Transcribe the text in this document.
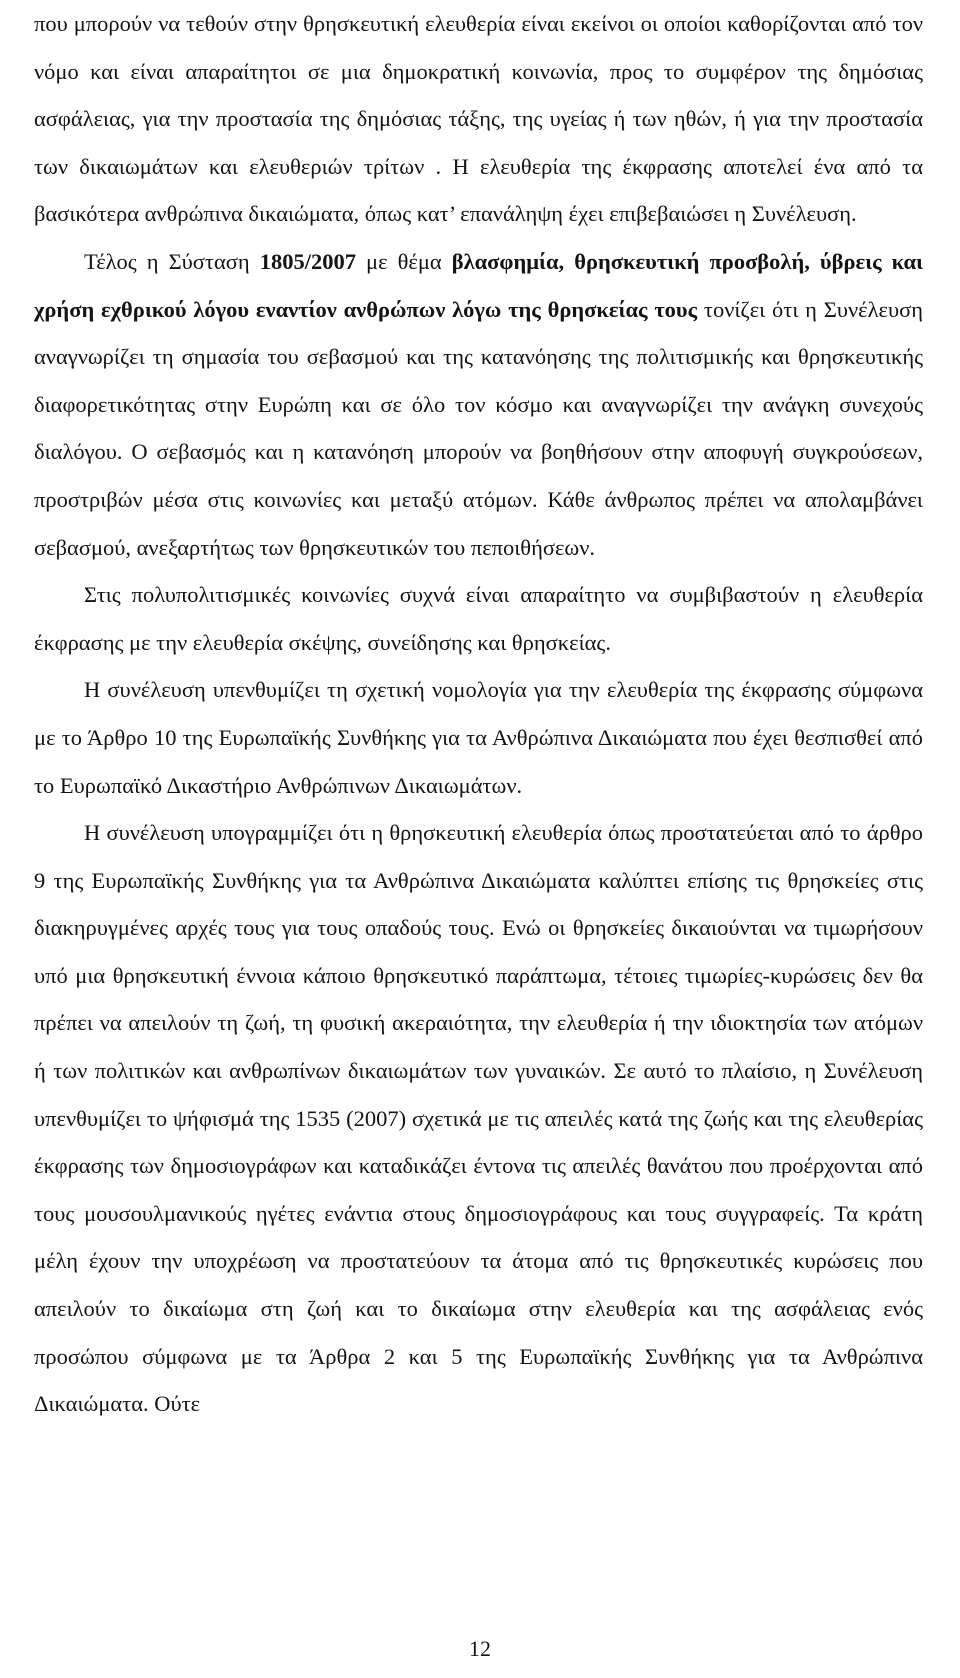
που μπορούν να τεθούν στην θρησκευτική ελευθερία είναι εκείνοι οι οποίοι καθορίζονται από τον νόμο και είναι απαραίτητοι σε μια δημοκρατική κοινωνία, προς το συμφέρον της δημόσιας ασφάλειας, για την προστασία της δημόσιας τάξης, της υγείας ή των ηθών, ή για την προστασία των δικαιωμάτων και ελευθεριών τρίτων . Η ελευθερία της έκφρασης αποτελεί ένα από τα βασικότερα ανθρώπινα δικαιώματα, όπως κατ’ επανάληψη έχει επιβεβαιώσει η Συνέλευση.

Τέλος η Σύσταση 1805/2007 με θέμα βλασφημία, θρησκευτική προσβολή, ύβρεις και χρήση εχθρικού λόγου εναντίον ανθρώπων λόγω της θρησκείας τους τονίζει ότι η Συνέλευση αναγνωρίζει τη σημασία του σεβασμού και της κατανόησης της πολιτισμικής και θρησκευτικής διαφορετικότητας στην Ευρώπη και σε όλο τον κόσμο και αναγνωρίζει την ανάγκη συνεχούς διαλόγου. Ο σεβασμός και η κατανόηση μπορούν να βοηθήσουν στην αποφυγή συγκρούσεων, προστριβών μέσα στις κοινωνίες και μεταξύ ατόμων. Κάθε άνθρωπος πρέπει να απολαμβάνει σεβασμού, ανεξαρτήτως των θρησκευτικών του πεποιθήσεων.

Στις πολυπολιτισμικές κοινωνίες συχνά είναι απαραίτητο να συμβιβαστούν η ελευθερία έκφρασης με την ελευθερία σκέψης, συνείδησης και θρησκείας.

Η συνέλευση υπενθυμίζει τη σχετική νομολογία για την ελευθερία της έκφρασης σύμφωνα με το Άρθρο 10 της Ευρωπαϊκής Συνθήκης για τα Ανθρώπινα Δικαιώματα που έχει θεσπισθεί από το Ευρωπαϊκό Δικαστήριο Ανθρώπινων Δικαιωμάτων.

Η συνέλευση υπογραμμίζει ότι η θρησκευτική ελευθερία όπως προστατεύεται από το άρθρο 9 της Ευρωπαϊκής Συνθήκης για τα Ανθρώπινα Δικαιώματα καλύπτει επίσης τις θρησκείες στις διακηρυγμένες αρχές τους για τους οπαδούς τους. Ενώ οι θρησκείες δικαιούνται να τιμωρήσουν υπό μια θρησκευτική έννοια κάποιο θρησκευτικό παράπτωμα, τέτοιες τιμωρίες-κυρώσεις δεν θα πρέπει να απειλούν τη ζωή, τη φυσική ακεραιότητα, την ελευθερία ή την ιδιοκτησία των ατόμων ή των πολιτικών και ανθρωπίνων δικαιωμάτων των γυναικών. Σε αυτό το πλαίσιο, η Συνέλευση υπενθυμίζει το ψήφισμά της 1535 (2007) σχετικά με τις απειλές κατά της ζωής και της ελευθερίας έκφρασης των δημοσιογράφων και καταδικάζει έντονα τις απειλές θανάτου που προέρχονται από τους μουσουλμανικούς ηγέτες ενάντια στους δημοσιογράφους και τους συγγραφείς. Τα κράτη μέλη έχουν την υποχρέωση να προστατεύουν τα άτομα από τις θρησκευτικές κυρώσεις που απειλούν το δικαίωμα στη ζωή και το δικαίωμα στην ελευθερία και της ασφάλειας ενός προσώπου σύμφωνα με τα Άρθρα 2 και 5 της Ευρωπαϊκής Συνθήκης για τα Ανθρώπινα Δικαιώματα. Ούτε

12
